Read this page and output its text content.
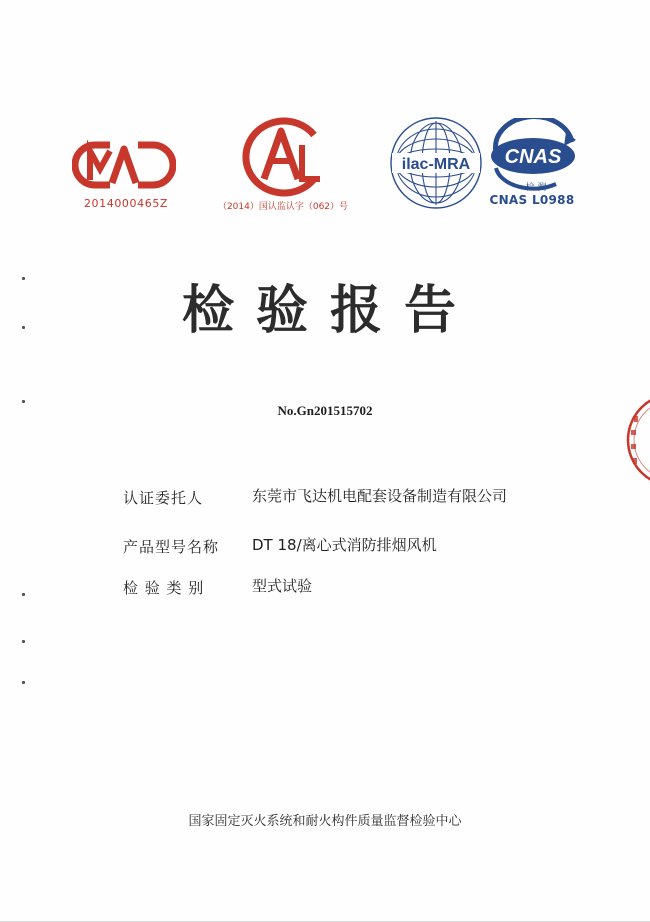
2014000465Z	（2014）国认监认字（062）号
ilac-MRA CNAS
检 测
CNAS L0988
检验报告
No.Gn201515702
认证委托人	东莞市飞达机电配套设备制造有限公司
产品型号名称	DT 18/离心式消防排烟风机
检 验 类 别	型式试验
国家固定灭火系统和耐火构件质量监督检验中心
